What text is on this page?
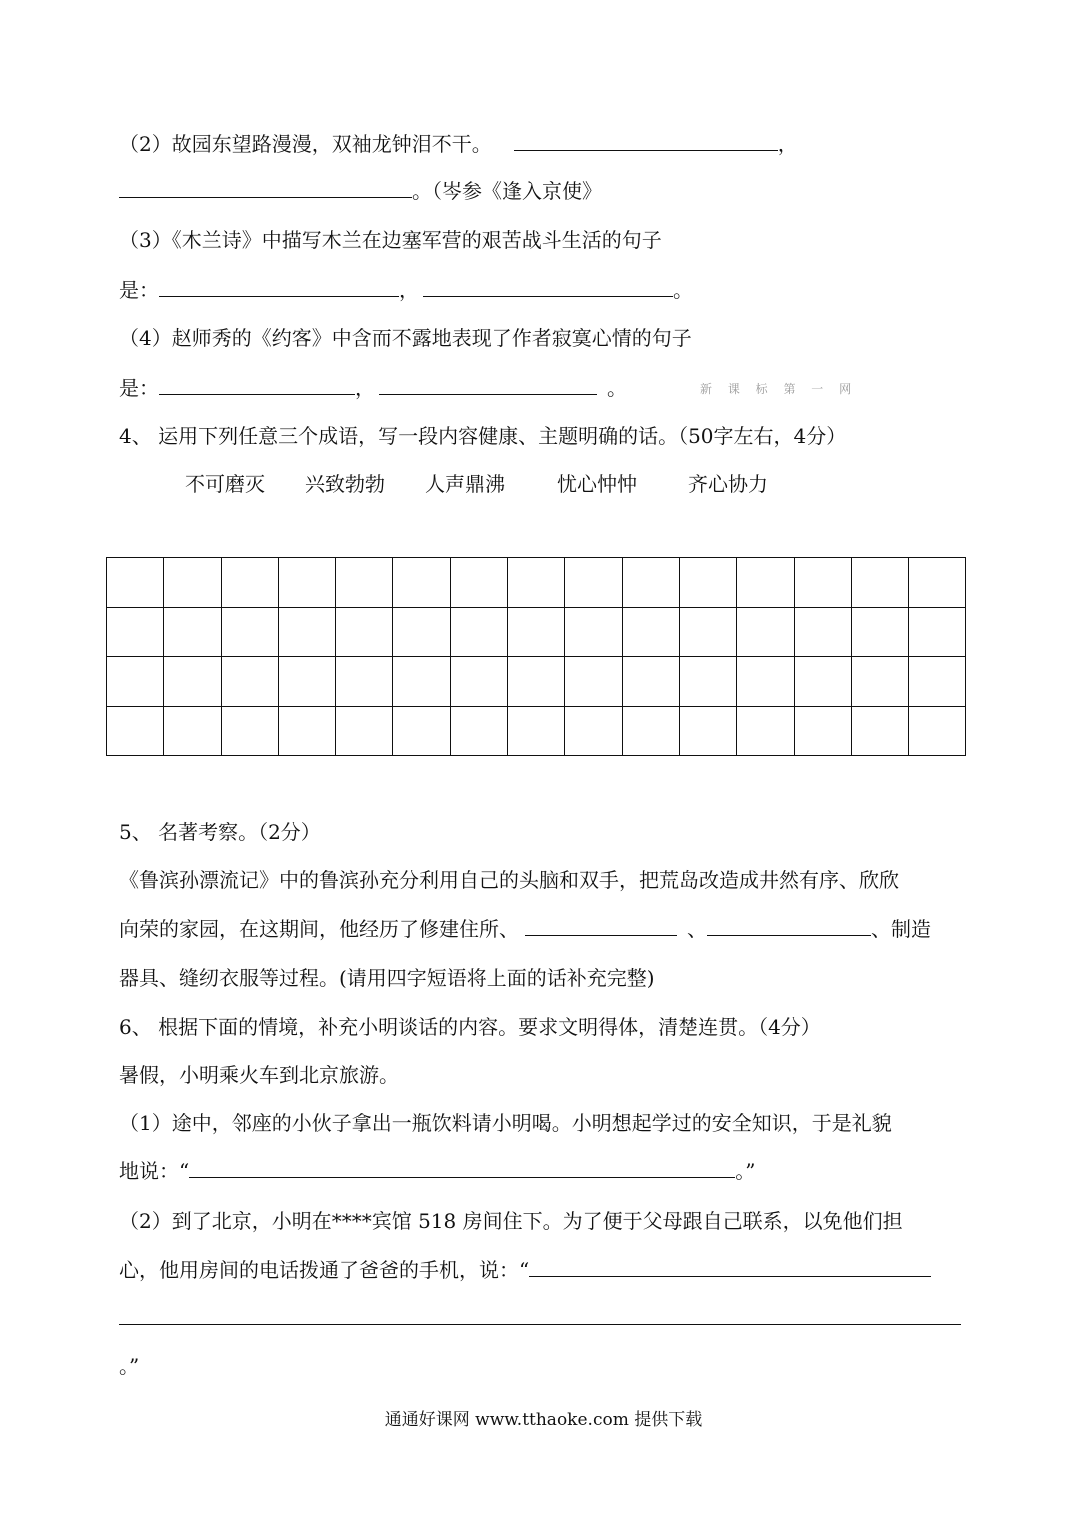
（2）故园东望路漫漫，双袖龙钟泪不干。	，
。（岑参《逢入京使》
（3）《木兰诗》中描写木兰在边塞军营的艰苦战斗生活的句子
是：	，	。
（4）赵师秀的《约客》中含而不露地表现了作者寂寞心情的句子
是：	，	。	新 课 标 第 一 网
4、 运用下列任意三个成语，写一段内容健康、主题明确的话。（50字左右，4分）
不可磨灭 兴致勃勃 人声鼎沸	忧心忡忡	齐心协力

5、 名著考察。（2分）
《鲁滨孙漂流记》中的鲁滨孙充分利用自己的头脑和双手，把荒岛改造成井然有序、欣欣
向荣的家园，在这期间，他经历了修建住所、	、	、制造
器具、缝纫衣服等过程。(请用四字短语将上面的话补充完整)
6、 根据下面的情境，补充小明谈话的内容。要求文明得体，清楚连贯。（4分）
暑假，小明乘火车到北京旅游。
（1）途中，邻座的小伙子拿出一瓶饮料请小明喝。小明想起学过的安全知识，于是礼貌
地说：“	。”
（2）到了北京，小明在****宾馆 518 房间住下。为了便于父母跟自己联系，以免他们担
心，他用房间的电话拨通了爸爸的手机，说：“
。”
通通好课网 www.tthaoke.com 提供下载
